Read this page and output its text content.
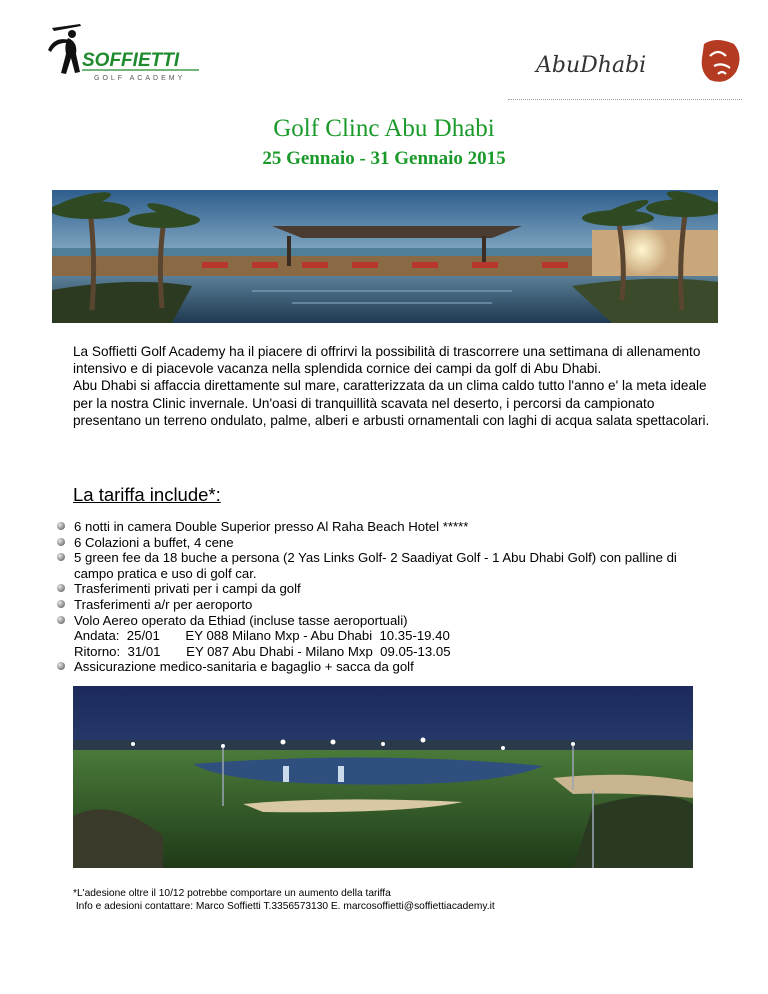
SOFFIETTI
GOLF ACADEMY
AbuDhabi
Golf Clinc Abu Dhabi
25 Gennaio - 31 Gennaio 2015

La Soffietti Golf Academy ha il piacere di offrirvi la possibilità di trascorrere una settimana di allenamento intensivo e di piacevole vacanza nella splendida cornice dei campi da golf di Abu Dhabi.

Abu Dhabi si affaccia direttamente sul mare, caratterizzata da un clima caldo tutto l'anno e' la meta ideale per la nostra Clinic invernale. Un'oasi di tranquillità scavata nel deserto, i percorsi da campionato presentano un terreno ondulato, palme, alberi e arbusti ornamentali con laghi di acqua salata spettacolari.

La tariffa include*:
6 notti in camera Double Superior presso Al Raha Beach Hotel *****
6 Colazioni a buffet, 4 cene
5 green fee da 18 buche a persona (2 Yas Links Golf- 2 Saadiyat Golf - 1 Abu Dhabi Golf) con palline di campo pratica e uso di golf car.
Trasferimenti privati per i campi da golf
Trasferimenti a/r per aeroporto
Volo Aereo operato da Ethiad (incluse tasse aeroportuali)
Andata:  25/01       EY 088 Milano Mxp - Abu Dhabi  10.35-19.40
Ritorno:  31/01       EY 087 Abu Dhabi - Milano Mxp  09.05-13.05
Assicurazione medico-sanitaria e bagaglio + sacca da golf
*L'adesione oltre il 10/12 potrebbe comportare un aumento della tariffa
Info e adesioni contattare: Marco Soffietti T.3356573130 E. marcosoffietti@soffiettiacademy.it
